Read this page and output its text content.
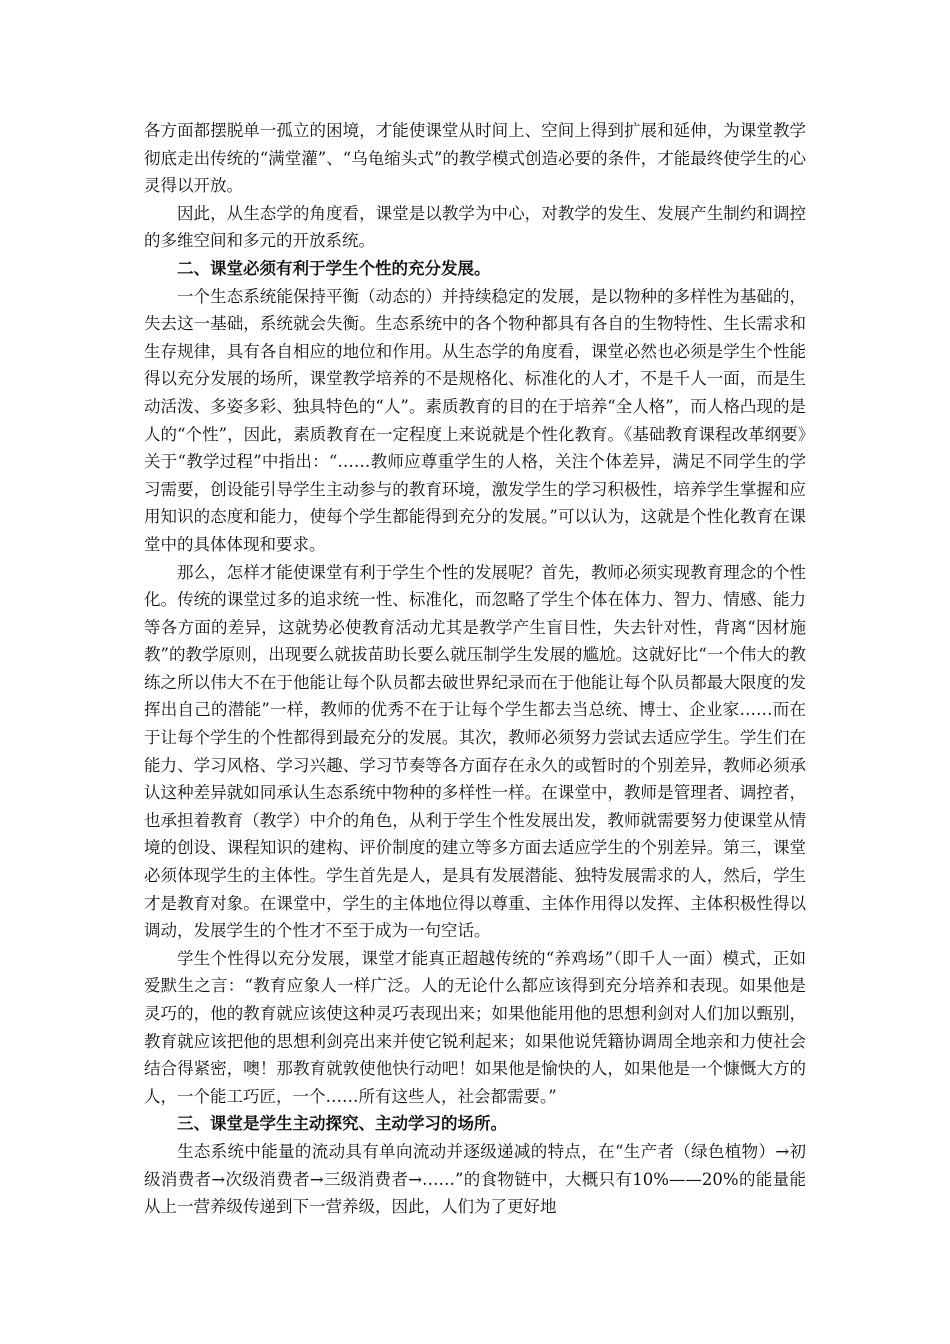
各方面都摆脱单一孤立的困境，才能使课堂从时间上、空间上得到扩展和延伸，为课堂教学彻底走出传统的“满堂灌”、“乌龟缩头式”的教学模式创造必要的条件，才能最终使学生的心灵得以开放。

因此，从生态学的角度看，课堂是以教学为中心，对教学的发生、发展产生制约和调控的多维空间和多元的开放系统。

二、课堂必须有利于学生个性的充分发展。

一个生态系统能保持平衡（动态的）并持续稳定的发展，是以物种的多样性为基础的，失去这一基础，系统就会失衡。生态系统中的各个物种都具有各自的生物特性、生长需求和生存规律，具有各自相应的地位和作用。从生态学的角度看，课堂必然也必须是学生个性能得以充分发展的场所，课堂教学培养的不是规格化、标准化的人才，不是千人一面，而是生动活泼、多姿多彩、独具特色的“人”。素质教育的目的在于培养“全人格”，而人格凸现的是人的“个性”，因此，素质教育在一定程度上来说就是个性化教育。《基础教育课程改革纲要》关于“教学过程”中指出：“……教师应尊重学生的人格，关注个体差异，满足不同学生的学习需要，创设能引导学生主动参与的教育环境，激发学生的学习积极性，培养学生掌握和应用知识的态度和能力，使每个学生都能得到充分的发展。”可以认为，这就是个性化教育在课堂中的具体体现和要求。

那么，怎样才能使课堂有利于学生个性的发展呢？首先，教师必须实现教育理念的个性化。传统的课堂过多的追求统一性、标准化，而忽略了学生个体在体力、智力、情感、能力等各方面的差异，这就势必使教育活动尤其是教学产生盲目性，失去针对性，背离“因材施教”的教学原则，出现要么就拔苗助长要么就压制学生发展的尴尬。这就好比“一个伟大的教练之所以伟大不在于他能让每个队员都去破世界纪录而在于他能让每个队员都最大限度的发挥出自己的潜能”一样，教师的优秀不在于让每个学生都去当总统、博士、企业家……而在于让每个学生的个性都得到最充分的发展。其次，教师必须努力尝试去适应学生。学生们在能力、学习风格、学习兴趣、学习节奏等各方面存在永久的或暂时的个别差异，教师必须承认这种差异就如同承认生态系统中物种的多样性一样。在课堂中，教师是管理者、调控者，也承担着教育（教学）中介的角色，从利于学生个性发展出发，教师就需要努力使课堂从情境的创设、课程知识的建构、评价制度的建立等多方面去适应学生的个别差异。第三，课堂必须体现学生的主体性。学生首先是人，是具有发展潜能、独特发展需求的人，然后，学生才是教育对象。在课堂中，学生的主体地位得以尊重、主体作用得以发挥、主体积极性得以调动，发展学生的个性才不至于成为一句空话。

学生个性得以充分发展，课堂才能真正超越传统的“养鸡场”（即千人一面）模式，正如爱默生之言：“教育应象人一样广泛。人的无论什么都应该得到充分培养和表现。如果他是灵巧的，他的教育就应该使这种灵巧表现出来；如果他能用他的思想利剑对人们加以甄别，教育就应该把他的思想利剑亮出来并使它锐利起来；如果他说凭籍协调周全地亲和力使社会结合得紧密，噢！那教育就敦使他快行动吧！如果他是愉快的人，如果他是一个慷慨大方的人，一个能工巧匠，一个……所有这些人，社会都需要。”

三、课堂是学生主动探究、主动学习的场所。

生态系统中能量的流动具有单向流动并逐级递减的特点，在“生产者（绿色植物）→初级消费者→次级消费者→三级消费者→……”的食物链中，大概只有10%——20%的能量能从上一营养级传递到下一营养级，因此，人们为了更好地
